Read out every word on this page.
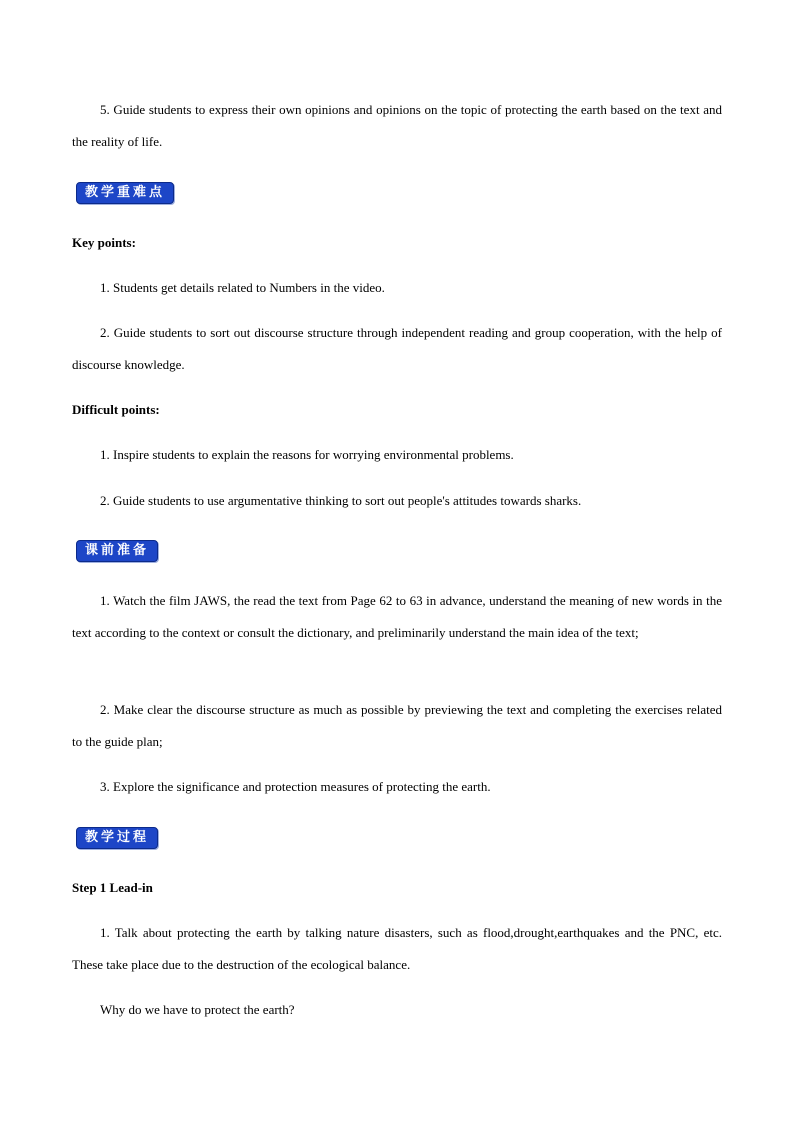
5. Guide students to express their own opinions and opinions on the topic of protecting the earth based on the text and the reality of life.

教学重难点

Key points:

1. Students get details related to Numbers in the video.

2. Guide students to sort out discourse structure through independent reading and group cooperation, with the help of discourse knowledge.

Difficult points:

1. Inspire students to explain the reasons for worrying environmental problems.

2. Guide students to use argumentative thinking to sort out people's attitudes towards sharks.

课前准备

1. Watch the film JAWS, the read the text from Page 62 to 63 in advance, understand the meaning of new words in the text according to the context or consult the dictionary, and preliminarily understand the main idea of the text;

2. Make clear the discourse structure as much as possible by previewing the text and completing the exercises related to the guide plan;

3. Explore the significance and protection measures of protecting the earth.

教学过程

Step 1 Lead-in

1. Talk about protecting the earth by talking nature disasters, such as flood,drought,earthquakes and the PNC, etc. These take place due to the destruction of the ecological balance.

Why do we have to protect the earth?
